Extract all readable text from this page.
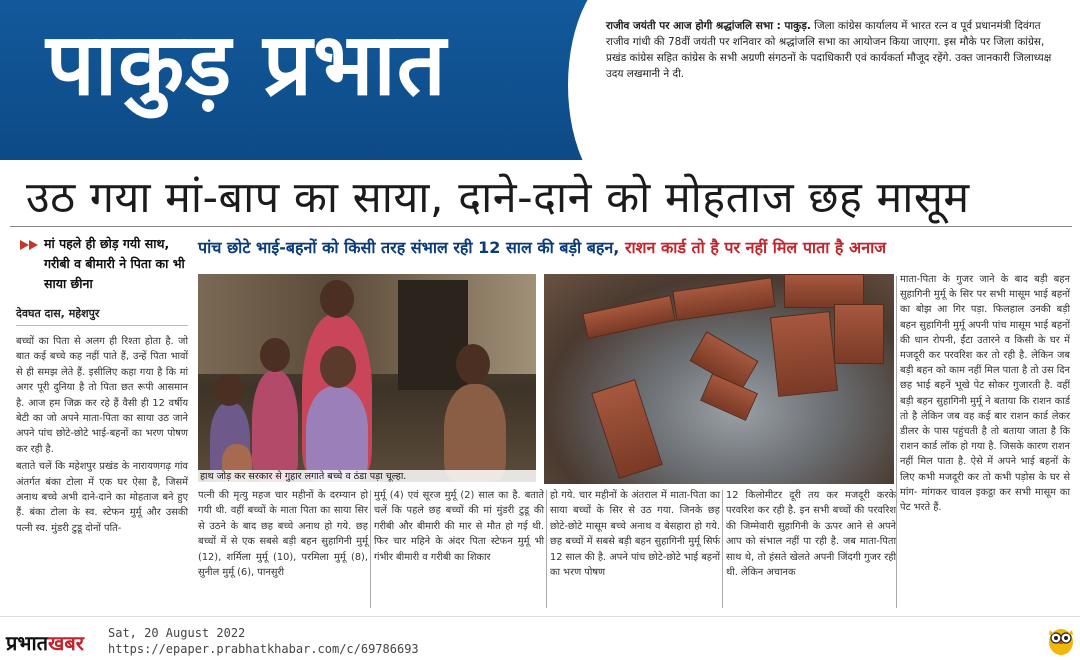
पाकुड़ प्रभात	राजीव जयंती पर आज होगी श्रद्धांजलि सभा : पाकुड़. जिला कांग्रेस कार्यालय में भारत रत्न व पूर्व प्रधानमंत्री दिवंगत राजीव गांधी की 78वीं जयंती पर शनिवार को श्रद्धांजलि सभा का आयोजन किया जाएगा. इस मौके पर जिला कांग्रेस, प्रखंड कांग्रेस सहित कांग्रेस के सभी अग्रणी संगठनों के पदाधिकारी एवं कार्यकर्ता मौजूद रहेंगे. उक्त जानकारी जिलाध्यक्ष उदय लखमानी ने दी.
उठ गया मां-बाप का साया, दाने-दाने को मोहताज छह मासूम
मां पहले ही छोड़ गयी साथ, गरीबी व बीमारी ने पिता का भी साया छीना
देवघत दास, महेशपुर

बच्चों का पिता से अलग ही रिश्ता होता है. जो बात कई बच्चे कह नहीं पाते हैं, उन्हें पिता भावों से ही समझ लेते हैं. इसीलिए कहा गया है कि मां अगर पूरी दुनिया है तो पिता छत रूपी आसमान है. आज हम जिक्र कर रहे हैं वैसी ही 12 वर्षीय बेटी का जो अपने माता-पिता का साया उठ जाने अपने पांच छोटे-छोटे भाई-बहनों का भरण पोषण कर रही है.

बताते चलें कि महेशपुर प्रखंड के नारायणगढ़ गांव अंतर्गत बंका टोला में एक घर ऐसा है, जिसमें अनाथ बच्चे अभी दाने-दाने का मोहताज बने हुए हैं. बंका टोला के स्व. स्टेफन मुर्मू और उसकी पत्नी स्व. मुंडरी टुडू दोनों पति-

पांच छोटे भाई-बहनों को किसी तरह संभाल रही 12 साल की बड़ी बहन, राशन कार्ड तो है पर नहीं मिल पाता है अनाज
हाथ जोड़ कर सरकार से गुहार लगाते बच्चे व ठंडा पड़ा चूल्हा.

माता-पिता के गुजर जाने के बाद बड़ी बहन सुहागिनी मुर्मू के सिर पर सभी मासूम भाई बहनों का बोझ आ गिर पड़ा. फिलहाल उनकी बड़ी बहन सुहागिनी मुर्मू अपनी पांच मासूम भाई बहनों की धान रोपनी, ईंटा उतारने व किसी के घर में मजदूरी कर परवरिश कर तो रही है. लेकिन जब बड़ी बहन को काम नहीं मिल पाता है तो उस दिन छह भाई बहनें भूखे पेट सोकर गुजारती है. वहीं बड़ी बहन सुहागिनी मुर्मू ने बताया कि राशन कार्ड तो है लेकिन जब वह कई बार राशन कार्ड लेकर डीलर के पास पहुंचती है तो बताया जाता है कि राशन कार्ड लॉक हो गया है. जिसके कारण राशन नहीं मिल पाता है. ऐसे में अपने भाई बहनों के लिए कभी मजदूरी कर तो कभी पड़ोस के घर से मांग- मांगकर चावल इकट्ठा कर सभी मासूम का पेट भरते हैं.

पत्नी की मृत्यु महज चार महीनों के दरम्यान हो गयी थी. वहीं बच्चों के माता पिता का साया सिर से उठने के बाद छह बच्चे अनाथ हो गये. छह बच्चों में से एक सबसे बड़ी बहन सुहागिनी मुर्मू (12), शर्मिला मुर्मू (10), परमिला मुर्मू (8), सुनील मुर्मू (6), पानसुरी

मुर्मू (4) एवं सूरज मुर्मू (2) साल का है. बताते चलें कि पहले छह बच्चों की मां मुंडरी टुडू की गरीबी और बीमारी की मार से मौत हो गई थी. फिर चार महिने के अंदर पिता स्टेफन मुर्मू भी गंभीर बीमारी व गरीबी का शिकार

हो गये. चार महीनों के अंतराल में माता-पिता का साया बच्चों के सिर से उठ गया. जिनके छह छोटे-छोटे मासूम बच्चे अनाथ व बेसहारा हो गये. छह बच्चों में सबसे बड़ी बहन सुहागिनी मुर्मू सिर्फ 12 साल की है. अपने पांच छोटे-छोटे भाई बहनों का भरण पोषण

12 किलोमीटर दूरी तय कर मजदूरी करके परवरिश कर रही है. इन सभी बच्चों की परवरिश की जिम्मेवारी सुहागिनी के ऊपर आने से अपने आप को संभाल नहीं पा रही है. जब माता-पिता साथ थे, तो हंसते खेलते अपनी जिंदगी गुजर रही थी. लेकिन अचानक

प्रभातखबर Sat, 20 August 2022
https://epaper.prabhatkhabar.com/c/69786693
